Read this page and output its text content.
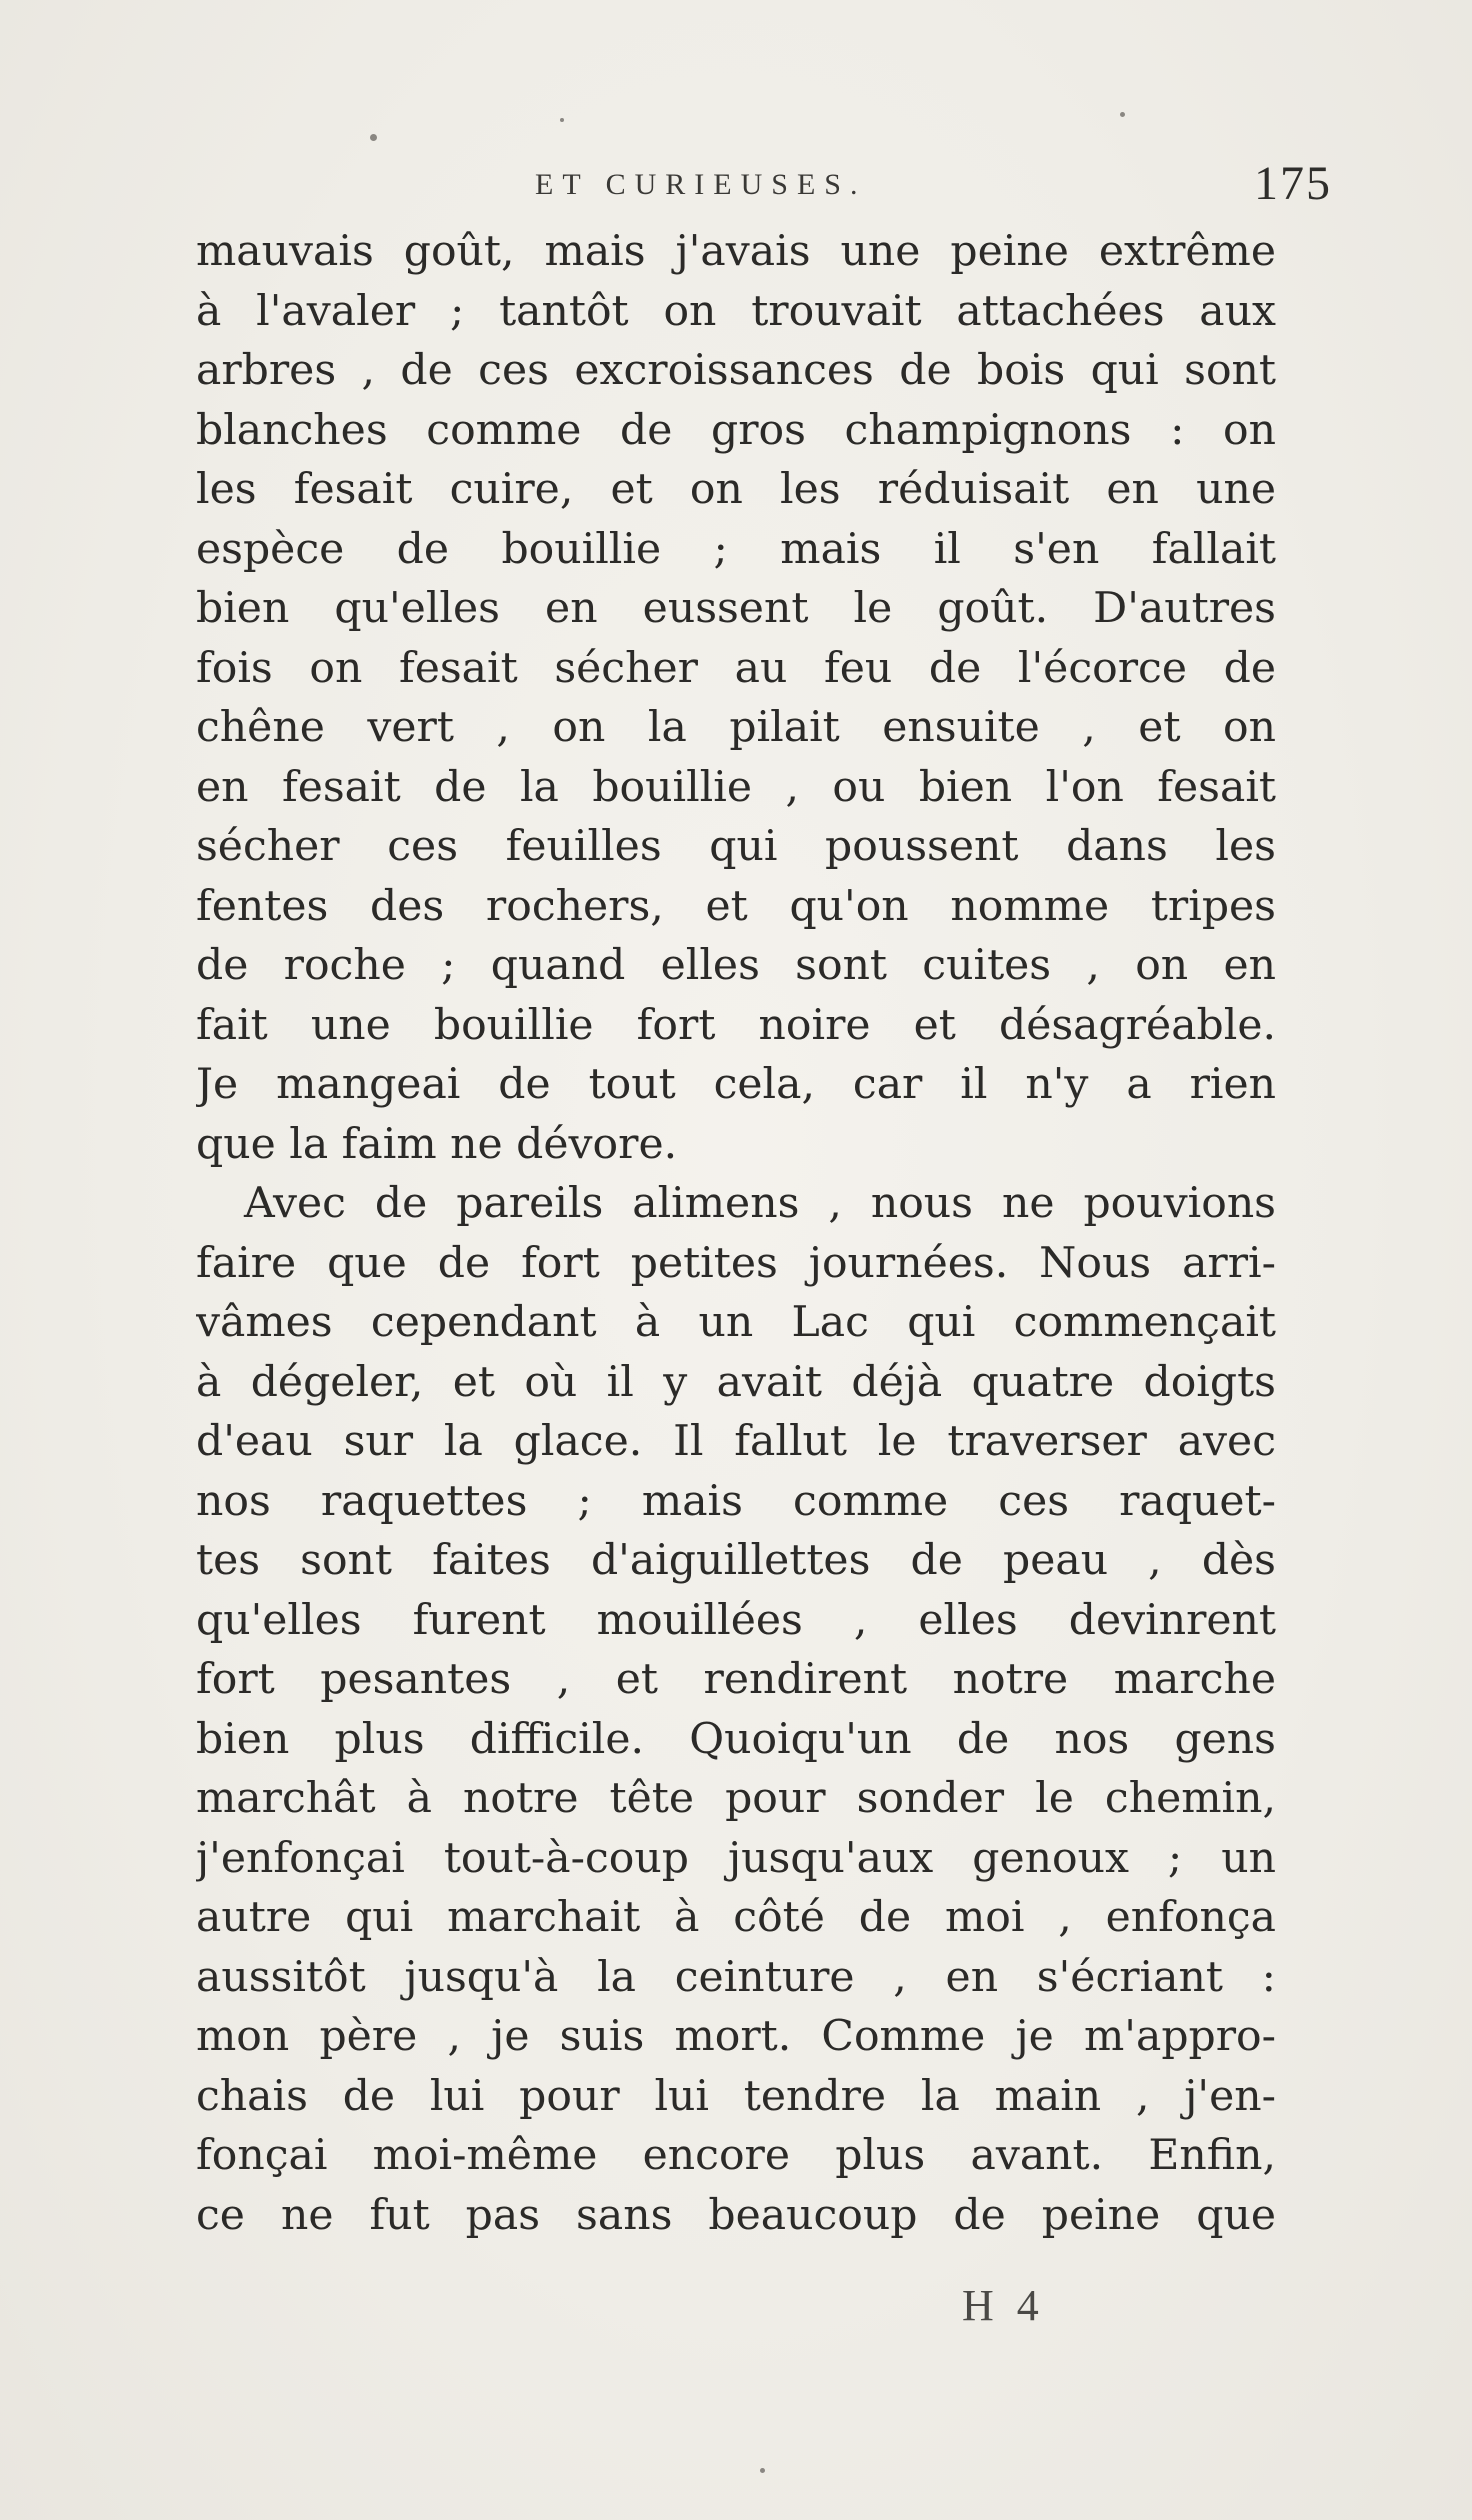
ET CURIEUSES.	175
mauvais goût, mais j'avais une peine extrême
à l'avaler ; tantôt on trouvait attachées aux
arbres , de ces excroissances de bois qui sont
blanches comme de gros champignons : on
les fesait cuire, et on les réduisait en une
espèce de bouillie ; mais il s'en fallait
bien qu'elles en eussent le goût. D'autres
fois on fesait sécher au feu de l'écorce de
chêne vert , on la pilait ensuite , et on
en fesait de la bouillie , ou bien l'on fesait
sécher ces feuilles qui poussent dans les
fentes des rochers, et qu'on nomme tripes
de roche ; quand elles sont cuites , on en
fait une bouillie fort noire et désagréable.
Je mangeai de tout cela, car il n'y a rien
que la faim ne dévore.
Avec de pareils alimens , nous ne pouvions
faire que de fort petites journées. Nous arri-
vâmes cependant à un Lac qui commençait
à dégeler, et où il y avait déjà quatre doigts
d'eau sur la glace. Il fallut le traverser avec
nos raquettes ; mais comme ces raquet-
tes sont faites d'aiguillettes de peau , dès
qu'elles furent mouillées , elles devinrent
fort pesantes , et rendirent notre marche
bien plus difficile. Quoiqu'un de nos gens
marchât à notre tête pour sonder le chemin,
j'enfonçai tout-à-coup jusqu'aux genoux ; un
autre qui marchait à côté de moi , enfonça
aussitôt jusqu'à la ceinture , en s'écriant :
mon père , je suis mort. Comme je m'appro-
chais de lui pour lui tendre la main , j'en-
fonçai moi-même encore plus avant. Enfin,
ce ne fut pas sans beaucoup de peine que
H 4
